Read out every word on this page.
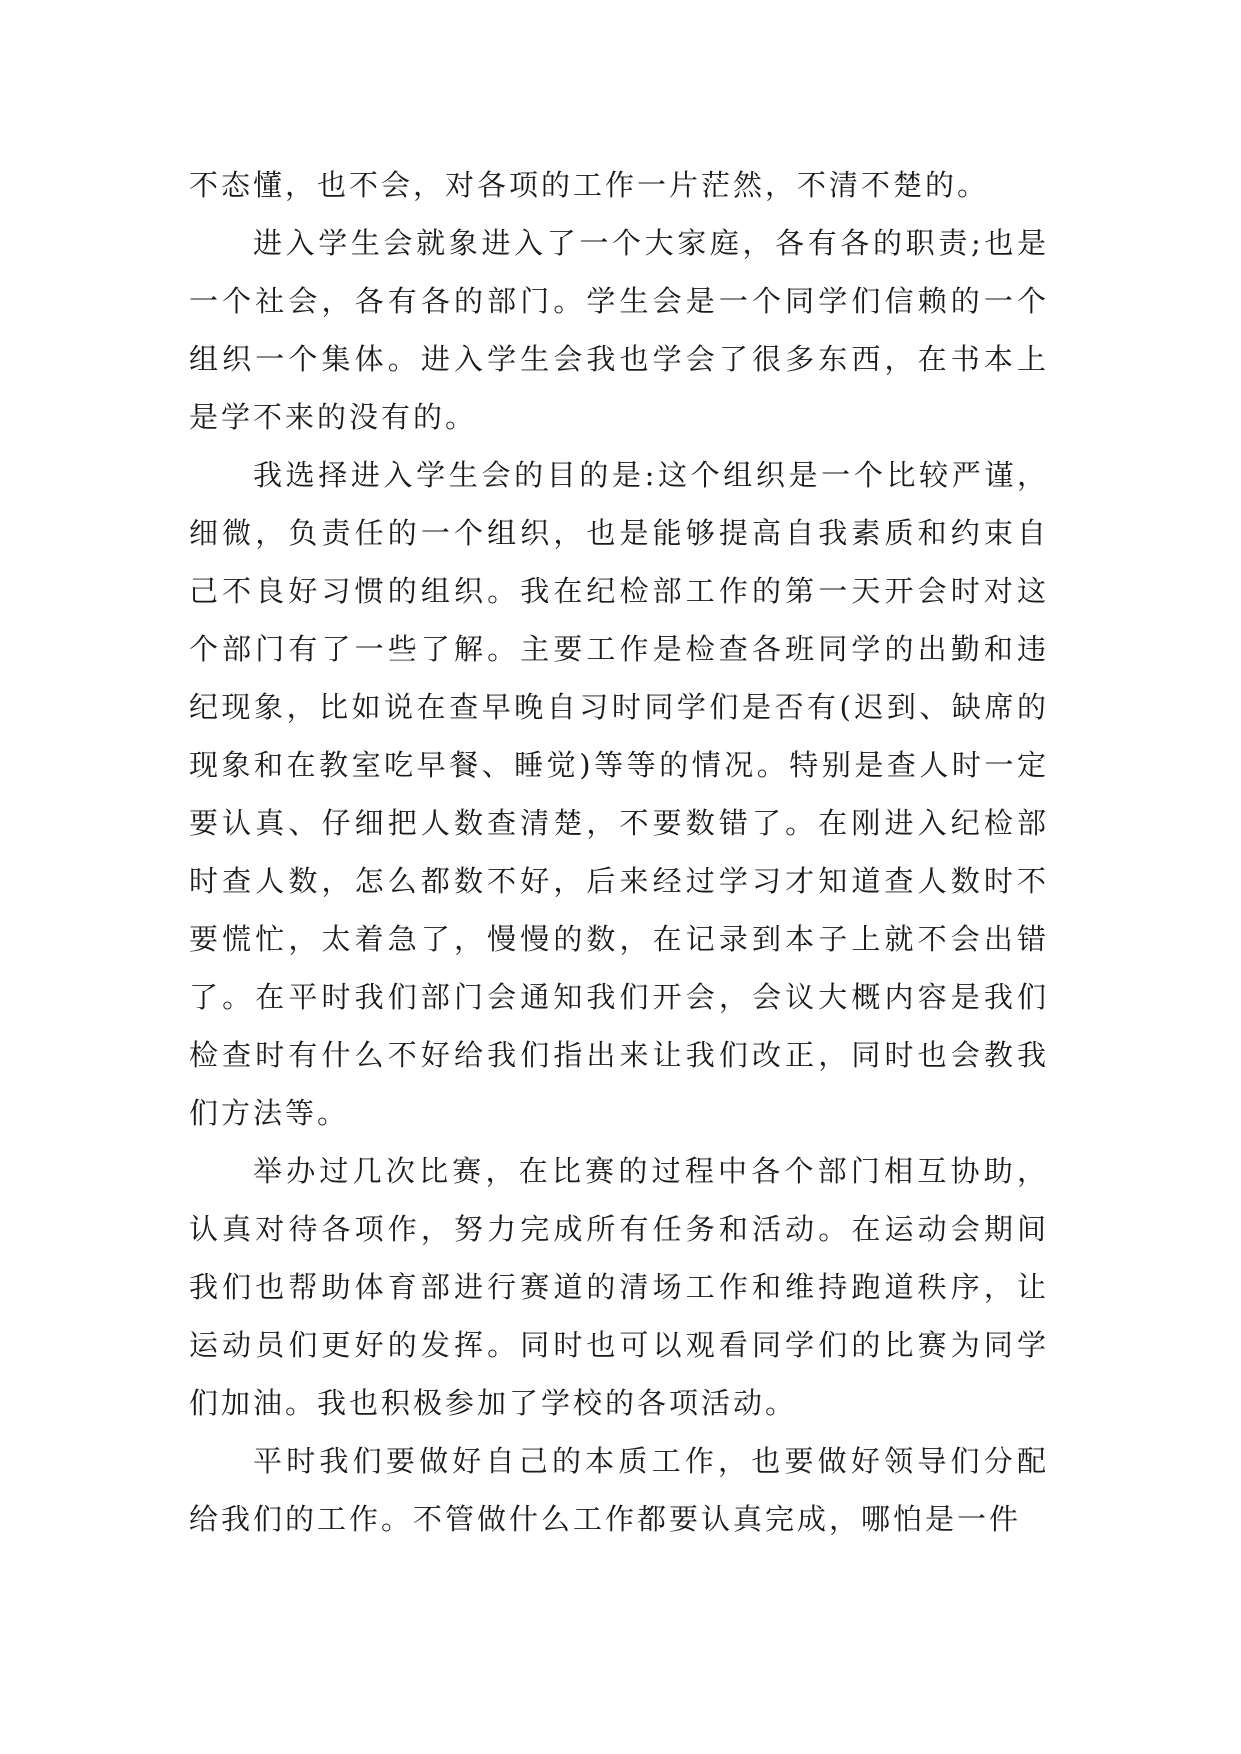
不态懂，也不会，对各项的工作一片茫然，不清不楚的。

进入学生会就象进入了一个大家庭，各有各的职责;也是一个社会，各有各的部门。学生会是一个同学们信赖的一个组织一个集体。进入学生会我也学会了很多东西，在书本上是学不来的没有的。

我选择进入学生会的目的是:这个组织是一个比较严谨，细微，负责任的一个组织，也是能够提高自我素质和约束自己不良好习惯的组织。我在纪检部工作的第一天开会时对这个部门有了一些了解。主要工作是检查各班同学的出勤和违纪现象，比如说在查早晚自习时同学们是否有(迟到、缺席的现象和在教室吃早餐、睡觉)等等的情况。特别是查人时一定要认真、仔细把人数查清楚，不要数错了。在刚进入纪检部时查人数，怎么都数不好，后来经过学习才知道查人数时不要慌忙，太着急了，慢慢的数，在记录到本子上就不会出错了。在平时我们部门会通知我们开会，会议大概内容是我们检查时有什么不好给我们指出来让我们改正，同时也会教我们方法等。

举办过几次比赛，在比赛的过程中各个部门相互协助，认真对待各项作，努力完成所有任务和活动。在运动会期间我们也帮助体育部进行赛道的清场工作和维持跑道秩序，让运动员们更好的发挥。同时也可以观看同学们的比赛为同学们加油。我也积极参加了学校的各项活动。

平时我们要做好自己的本质工作，也要做好领导们分配给我们的工作。不管做什么工作都要认真完成，哪怕是一件
